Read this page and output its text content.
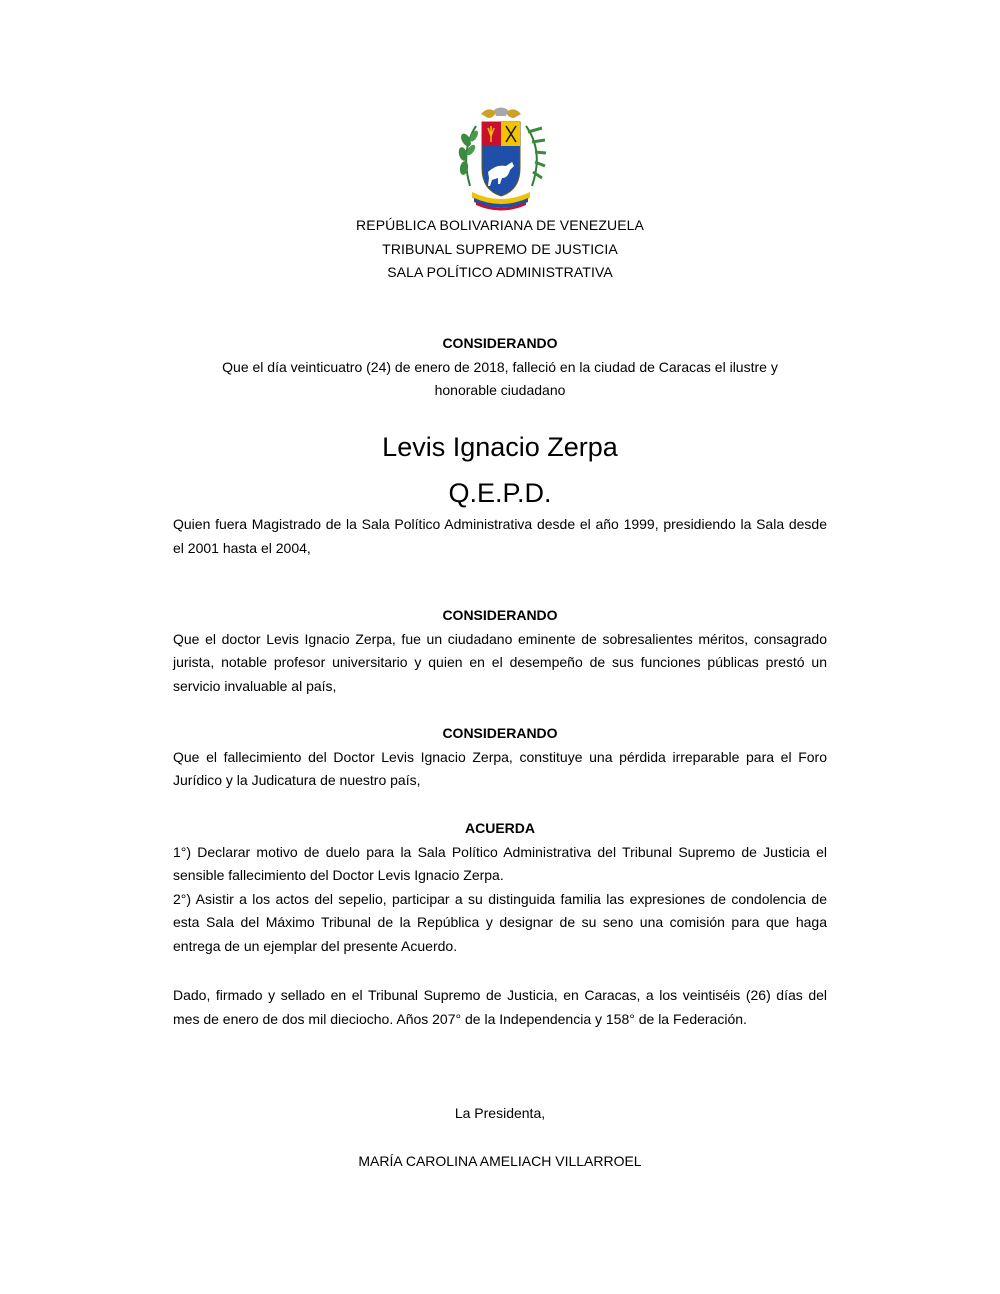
REPÚBLICA BOLIVARIANA DE VENEZUELA
TRIBUNAL SUPREMO DE JUSTICIA
SALA POLÍTICO ADMINISTRATIVA
CONSIDERANDO
Que el día veinticuatro (24) de enero de 2018, falleció en la ciudad de Caracas el ilustre y
honorable ciudadano
Levis Ignacio Zerpa
Q.E.P.D.
Quien fuera Magistrado de la Sala Político Administrativa desde el año 1999, presidiendo la Sala desde el 2001 hasta el 2004,
CONSIDERANDO
Que el doctor Levis Ignacio Zerpa, fue un ciudadano eminente de sobresalientes méritos, consagrado jurista, notable profesor universitario y quien en el desempeño de sus funciones públicas prestó un servicio invaluable al país,
CONSIDERANDO
Que el fallecimiento del Doctor Levis Ignacio Zerpa, constituye una pérdida irreparable para el Foro Jurídico y la Judicatura de nuestro país,
ACUERDA
1°) Declarar motivo de duelo para la Sala Político Administrativa del Tribunal Supremo de Justicia el sensible fallecimiento del Doctor Levis Ignacio Zerpa.
2°) Asistir a los actos del sepelio, participar a su distinguida familia las expresiones de condolencia de esta Sala del Máximo Tribunal de la República y designar de su seno una comisión para que haga entrega de un ejemplar del presente Acuerdo.
Dado, firmado y sellado en el Tribunal Supremo de Justicia, en Caracas, a los veintiséis (26) días del mes de enero de dos mil dieciocho. Años 207° de la Independencia y 158° de la Federación.
La Presidenta,
MARÍA CAROLINA AMELIACH VILLARROEL
